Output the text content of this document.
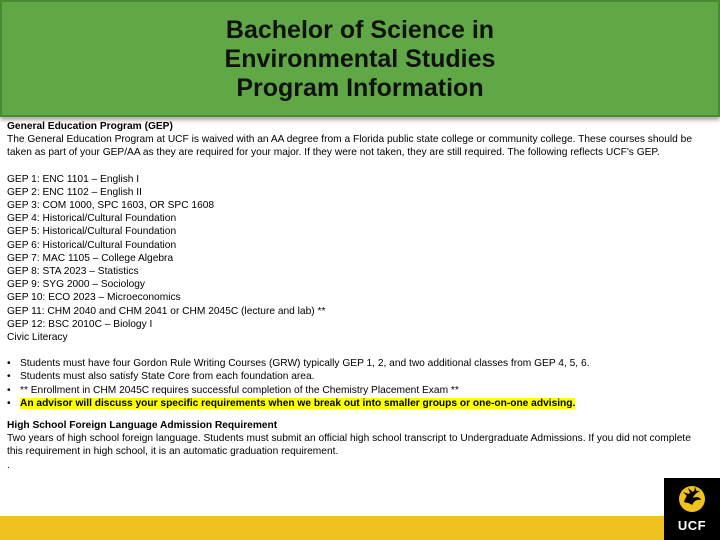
Bachelor of Science in
Environmental Studies
Program Information

General Education Program (GEP)

The General Education Program at UCF is waived with an AA degree from a Florida public state college or community college. These courses should be taken as part of your GEP/AA as they are required for your major. If they were not taken, they are still required. The following reflects UCF's GEP.

GEP 1: ENC 1101 – English I
GEP 2: ENC 1102 – English II
GEP 3: COM 1000, SPC 1603, OR SPC 1608
GEP 4: Historical/Cultural Foundation
GEP 5: Historical/Cultural Foundation
GEP 6: Historical/Cultural Foundation
GEP 7: MAC 1105 – College Algebra
GEP 8: STA 2023 – Statistics
GEP 9: SYG 2000 – Sociology
GEP 10: ECO 2023 – Microeconomics
GEP 11: CHM 2040 and CHM 2041 or CHM 2045C (lecture and lab) **
GEP 12: BSC 2010C – Biology I
Civic Literacy
• Students must have four Gordon Rule Writing Courses (GRW) typically GEP 1, 2, and two additional classes from GEP 4, 5, 6.
• Students must also satisfy State Core from each foundation area.
• ** Enrollment in CHM 2045C requires successful completion of the Chemistry Placement Exam **
• An advisor will discuss your specific requirements when we break out into smaller groups or one-on-one advising.

High School Foreign Language Admission Requirement

Two years of high school foreign language. Students must submit an official high school transcript to Undergraduate Admissions. If you did not complete this requirement in high school, it is an automatic graduation requirement.

.

UCF
